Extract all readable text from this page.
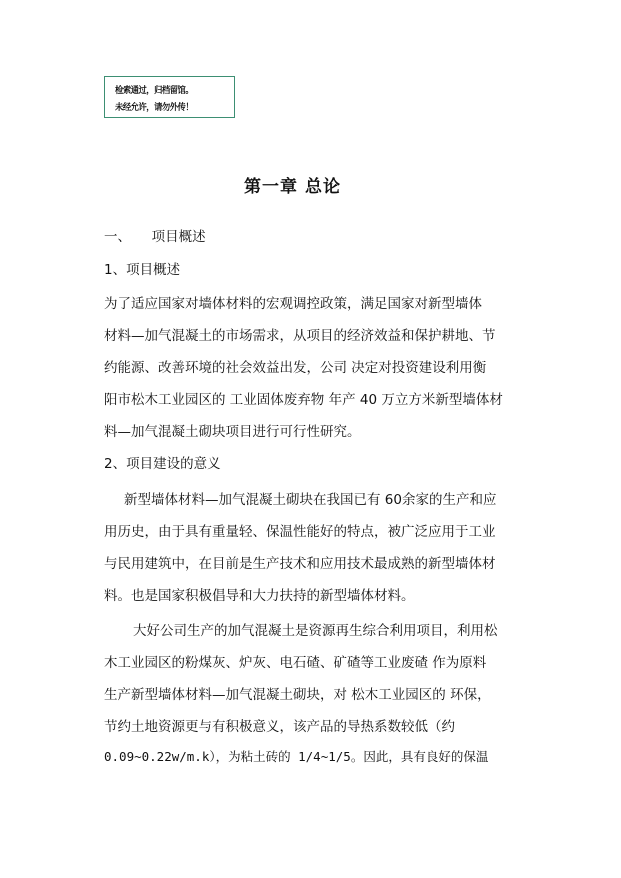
检索通过，归档留馆。
未经允许，请勿外传！
第一章 总论
一、 项目概述
1、项目概述
为了适应国家对墙体材料的宏观调控政策，满足国家对新型墙体
材料—加气混凝土的市场需求，从项目的经济效益和保护耕地、节
约能源、改善环境的社会效益出发，公司 决定对投资建设利用衡
阳市松木工业园区的 工业固体废弃物 年产 40 万立方米新型墙体材
料—加气混凝土砌块项目进行可行性研究。
2、项目建设的意义
新型墙体材料—加气混凝土砌块在我国已有 60余家的生产和应
用历史，由于具有重量轻、保温性能好的特点，被广泛应用于工业
与民用建筑中，在目前是生产技术和应用技术最成熟的新型墙体材
料。也是国家积极倡导和大力扶持的新型墙体材料。
大好公司生产的加气混凝土是资源再生综合利用项目，利用松
木工业园区的粉煤灰、炉灰、电石碴、矿碴等工业废碴 作为原料
生产新型墙体材料—加气混凝土砌块，对 松木工业园区的 环保，
节约土地资源更与有积极意义，该产品的导热系数较低（约
0.09~0.22w/m.k），为粘土砖的 1/4~1/5。因此，具有良好的保温
